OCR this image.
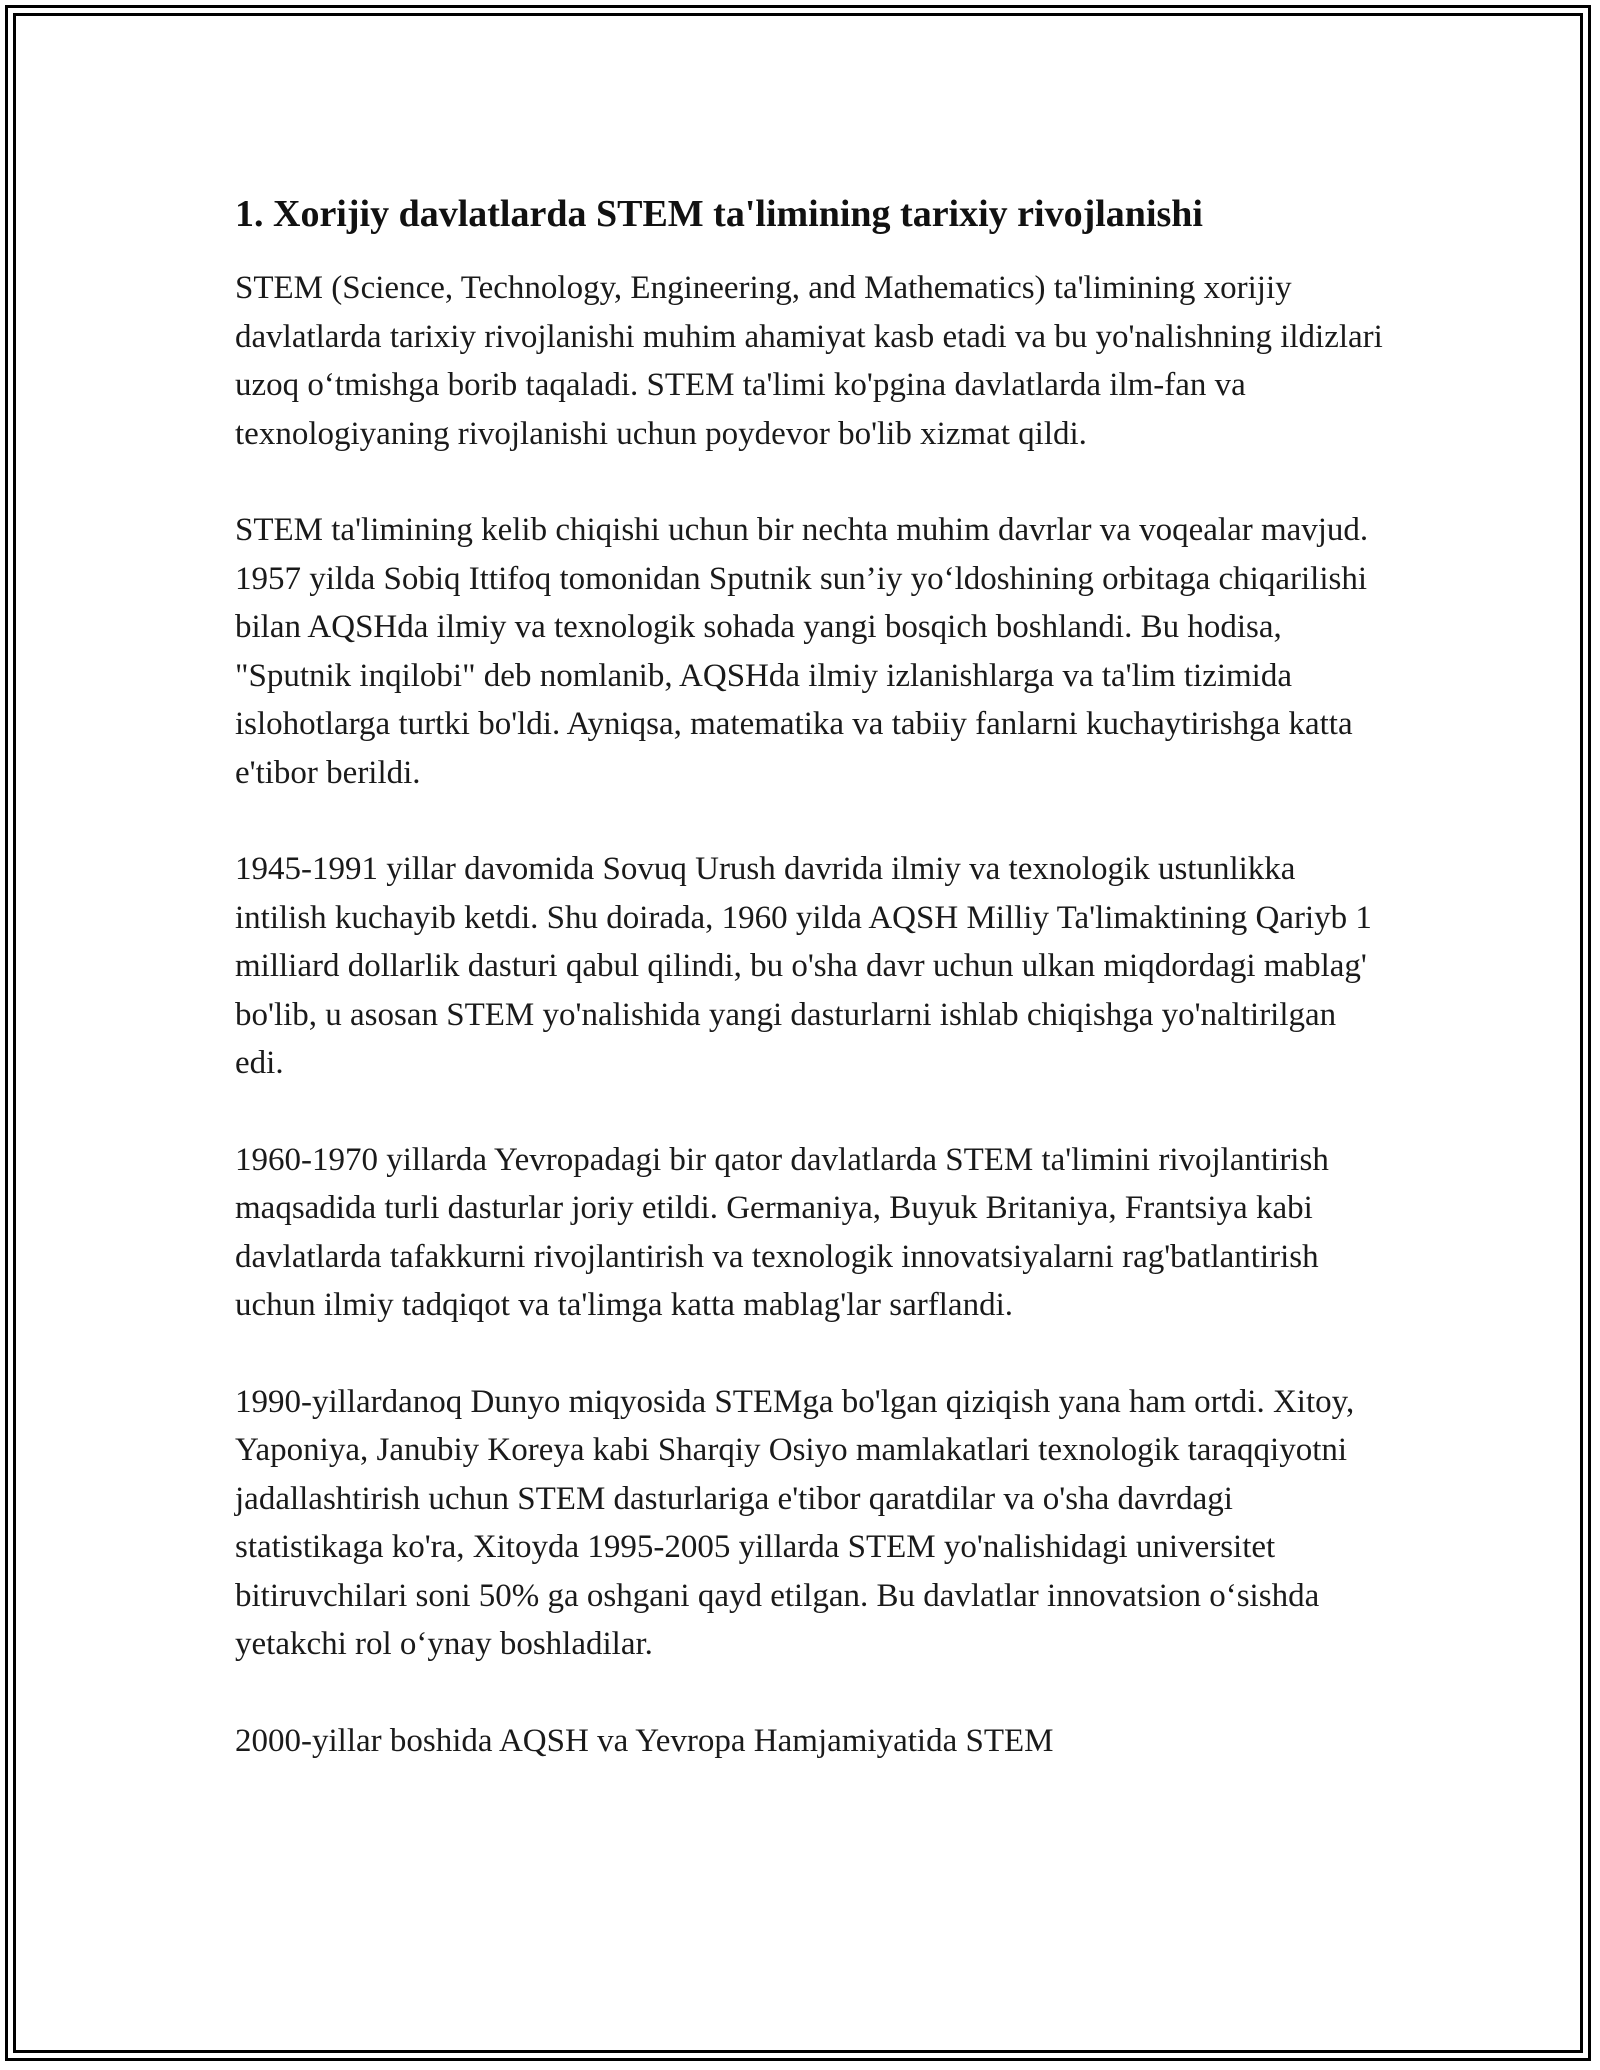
1. Xorijiy davlatlarda STEM ta'limining tarixiy rivojlanishi

STEM (Science, Technology, Engineering, and Mathematics) ta'limining xorijiy davlatlarda tarixiy rivojlanishi muhim ahamiyat kasb etadi va bu yo'nalishning ildizlari uzoq o‘tmishga borib taqaladi. STEM ta'limi ko'pgina davlatlarda ilm-fan va texnologiyaning rivojlanishi uchun poydevor bo'lib xizmat qildi.

STEM ta'limining kelib chiqishi uchun bir nechta muhim davrlar va voqealar mavjud. 1957 yilda Sobiq Ittifoq tomonidan Sputnik sun’iy yo‘ldoshining orbitaga chiqarilishi bilan AQSHda ilmiy va texnologik sohada yangi bosqich boshlandi. Bu hodisa, "Sputnik inqilobi" deb nomlanib, AQSHda ilmiy izlanishlarga va ta'lim tizimida islohotlarga turtki bo'ldi. Ayniqsa, matematika va tabiiy fanlarni kuchaytirishga katta e'tibor berildi.

1945-1991 yillar davomida Sovuq Urush davrida ilmiy va texnologik ustunlikka intilish kuchayib ketdi. Shu doirada, 1960 yilda AQSH Milliy Ta'limaktining Qariyb 1 milliard dollarlik dasturi qabul qilindi, bu o'sha davr uchun ulkan miqdordagi mablag' bo'lib, u asosan STEM yo'nalishida yangi dasturlarni ishlab chiqishga yo'naltirilgan edi.

1960-1970 yillarda Yevropadagi bir qator davlatlarda STEM ta'limini rivojlantirish maqsadida turli dasturlar joriy etildi. Germaniya, Buyuk Britaniya, Frantsiya kabi davlatlarda tafakkurni rivojlantirish va texnologik innovatsiyalarni rag'batlantirish uchun ilmiy tadqiqot va ta'limga katta mablag'lar sarflandi.

1990-yillardanoq Dunyo miqyosida STEMga bo'lgan qiziqish yana ham ortdi. Xitoy, Yaponiya, Janubiy Koreya kabi Sharqiy Osiyo mamlakatlari texnologik taraqqiyotni jadallashtirish uchun STEM dasturlariga e'tibor qaratdilar va o'sha davrdagi statistikaga ko'ra, Xitoyda 1995-2005 yillarda STEM yo'nalishidagi universitet bitiruvchilari soni 50% ga oshgani qayd etilgan. Bu davlatlar innovatsion o‘sishda yetakchi rol o‘ynay boshladilar.

2000-yillar boshida AQSH va Yevropa Hamjamiyatida STEM
